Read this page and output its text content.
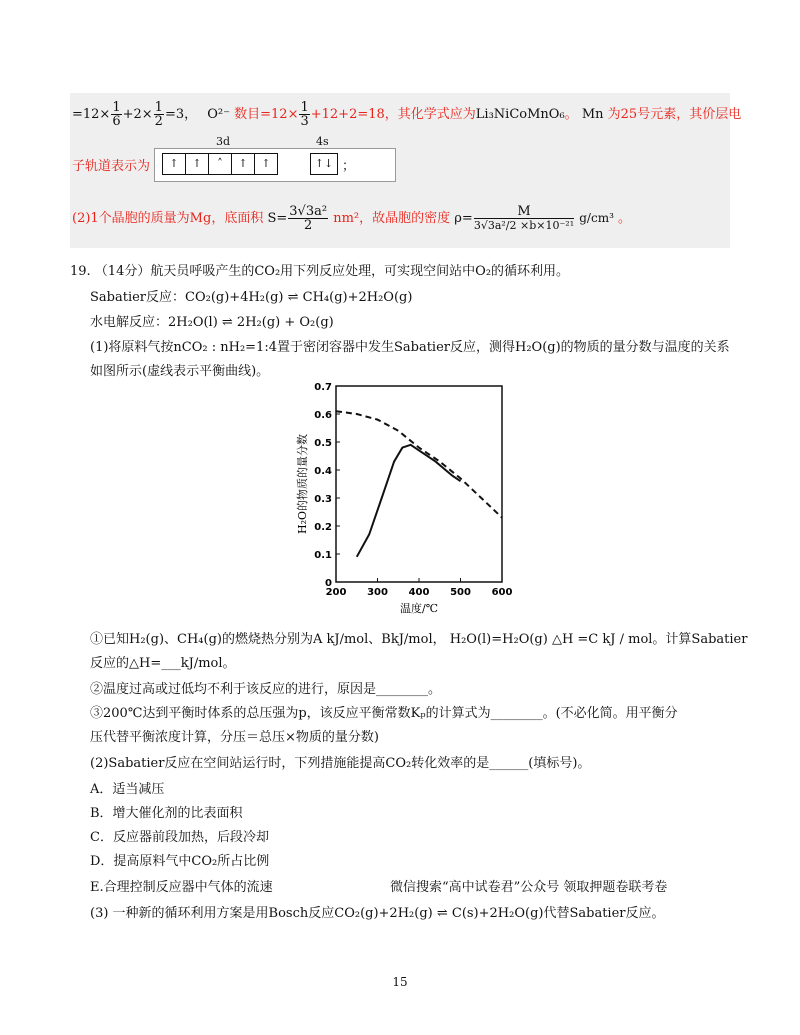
$=12\times \frac{1}{6} +2\times \frac{1}{2} =3$， O²⁻ 数目$=12\times \frac{1}{3} +12+2=18$，其化学式应为Li₃NiCoMnO₆。 Mn 为25号元素，其价层电
子轨道表示为
3d	4s
↑	↑	˄	↑	↑	↑↓ ；
(2)1个晶胞的质量为Mg，底面积 $S= \frac{\text{3√3a²}}{2} nm^2$，故晶胞的密度 $\rho= \frac{M}{\text{3√3a²/2 ×b×10⁻²¹}} g/cm^3$ 。
19. （14分）航天员呼吸产生的CO₂用下列反应处理，可实现空间站中O₂的循环利用。
Sabatier反应：CO₂(g)+4H₂(g) ⇌ CH₄(g)+2H₂O(g)
水电解反应：2H₂O(l) ⇌ 2H₂(g) + O₂(g)
(1)将原料气按nCO₂ : nH₂=1:4置于密闭容器中发生Sabatier反应，测得H₂O(g)的物质的量分数与温度的关系
如图所示(虚线表示平衡曲线)。
0
0.1
0.2
0.3
0.4
0.5
0.6
0.7
200 300 400 500 600
温度/℃
H₂O的物质的量分数
①已知H₂(g)、CH₄(g)的燃烧热分别为A kJ/mol、BkJ/mol， H₂O(l)=H₂O(g) △H =C kJ / mol。计算Sabatier
反应的△H=___kJ/mol。
②温度过高或过低均不利于该反应的进行，原因是________。
③200℃达到平衡时体系的总压强为p，该反应平衡常数Kₚ的计算式为________。(不必化简。用平衡分
压代替平衡浓度计算，分压＝总压×物质的量分数)
(2)Sabatier反应在空间站运行时，下列措施能提高CO₂转化效率的是______(填标号)。
A．适当减压
B．增大催化剂的比表面积
C．反应器前段加热，后段冷却
D．提高原料气中CO₂所占比例
E.合理控制反应器中气体的流速	微信搜索“高中试卷君”公众号 领取押题卷联考卷
(3) 一种新的循环利用方案是用Bosch反应CO₂(g)+2H₂(g) ⇌ C(s)+2H₂O(g)代替Sabatier反应。
15
